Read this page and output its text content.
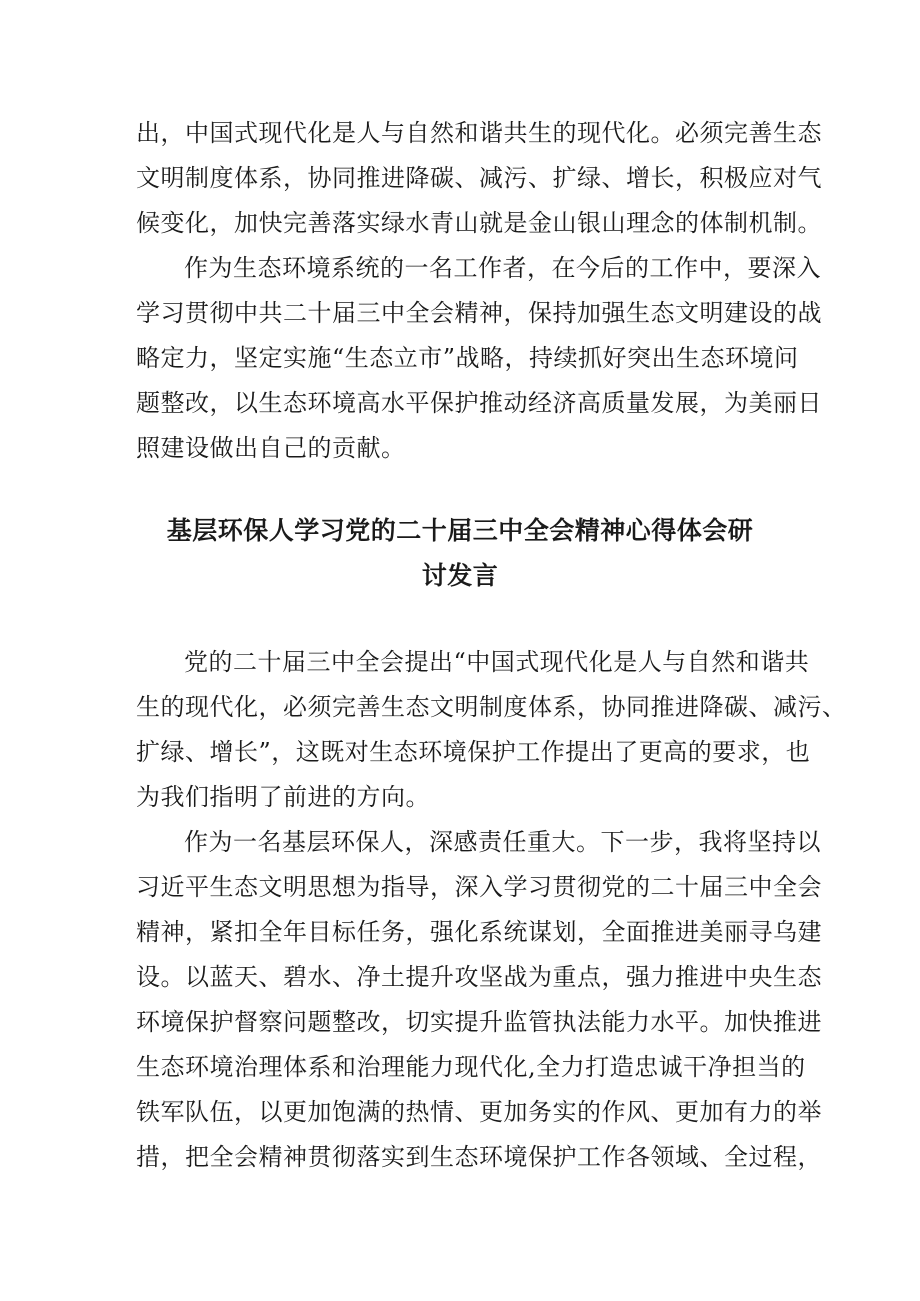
出，中国式现代化是人与自然和谐共生的现代化。必须完善生态
文明制度体系，协同推进降碳、减污、扩绿、增长，积极应对气
候变化，加快完善落实绿水青山就是金山银山理念的体制机制。
作为生态环境系统的一名工作者，在今后的工作中，要深入
学习贯彻中共二十届三中全会精神，保持加强生态文明建设的战
略定力，坚定实施“生态立市”战略，持续抓好突出生态环境问
题整改，以生态环境高水平保护推动经济高质量发展，为美丽日
照建设做出自己的贡献。
基层环保人学习党的二十届三中全会精神心得体会研
讨发言
党的二十届三中全会提出“中国式现代化是人与自然和谐共
生的现代化，必须完善生态文明制度体系，协同推进降碳、减污、
扩绿、增长”，这既对生态环境保护工作提出了更高的要求，也
为我们指明了前进的方向。
作为一名基层环保人，深感责任重大。下一步，我将坚持以
习近平生态文明思想为指导，深入学习贯彻党的二十届三中全会
精神，紧扣全年目标任务，强化系统谋划，全面推进美丽寻乌建
设。以蓝天、碧水、净土提升攻坚战为重点，强力推进中央生态
环境保护督察问题整改，切实提升监管执法能力水平。加快推进
生态环境治理体系和治理能力现代化,全力打造忠诚干净担当的
铁军队伍，以更加饱满的热情、更加务实的作风、更加有力的举
措，把全会精神贯彻落实到生态环境保护工作各领域、全过程，
